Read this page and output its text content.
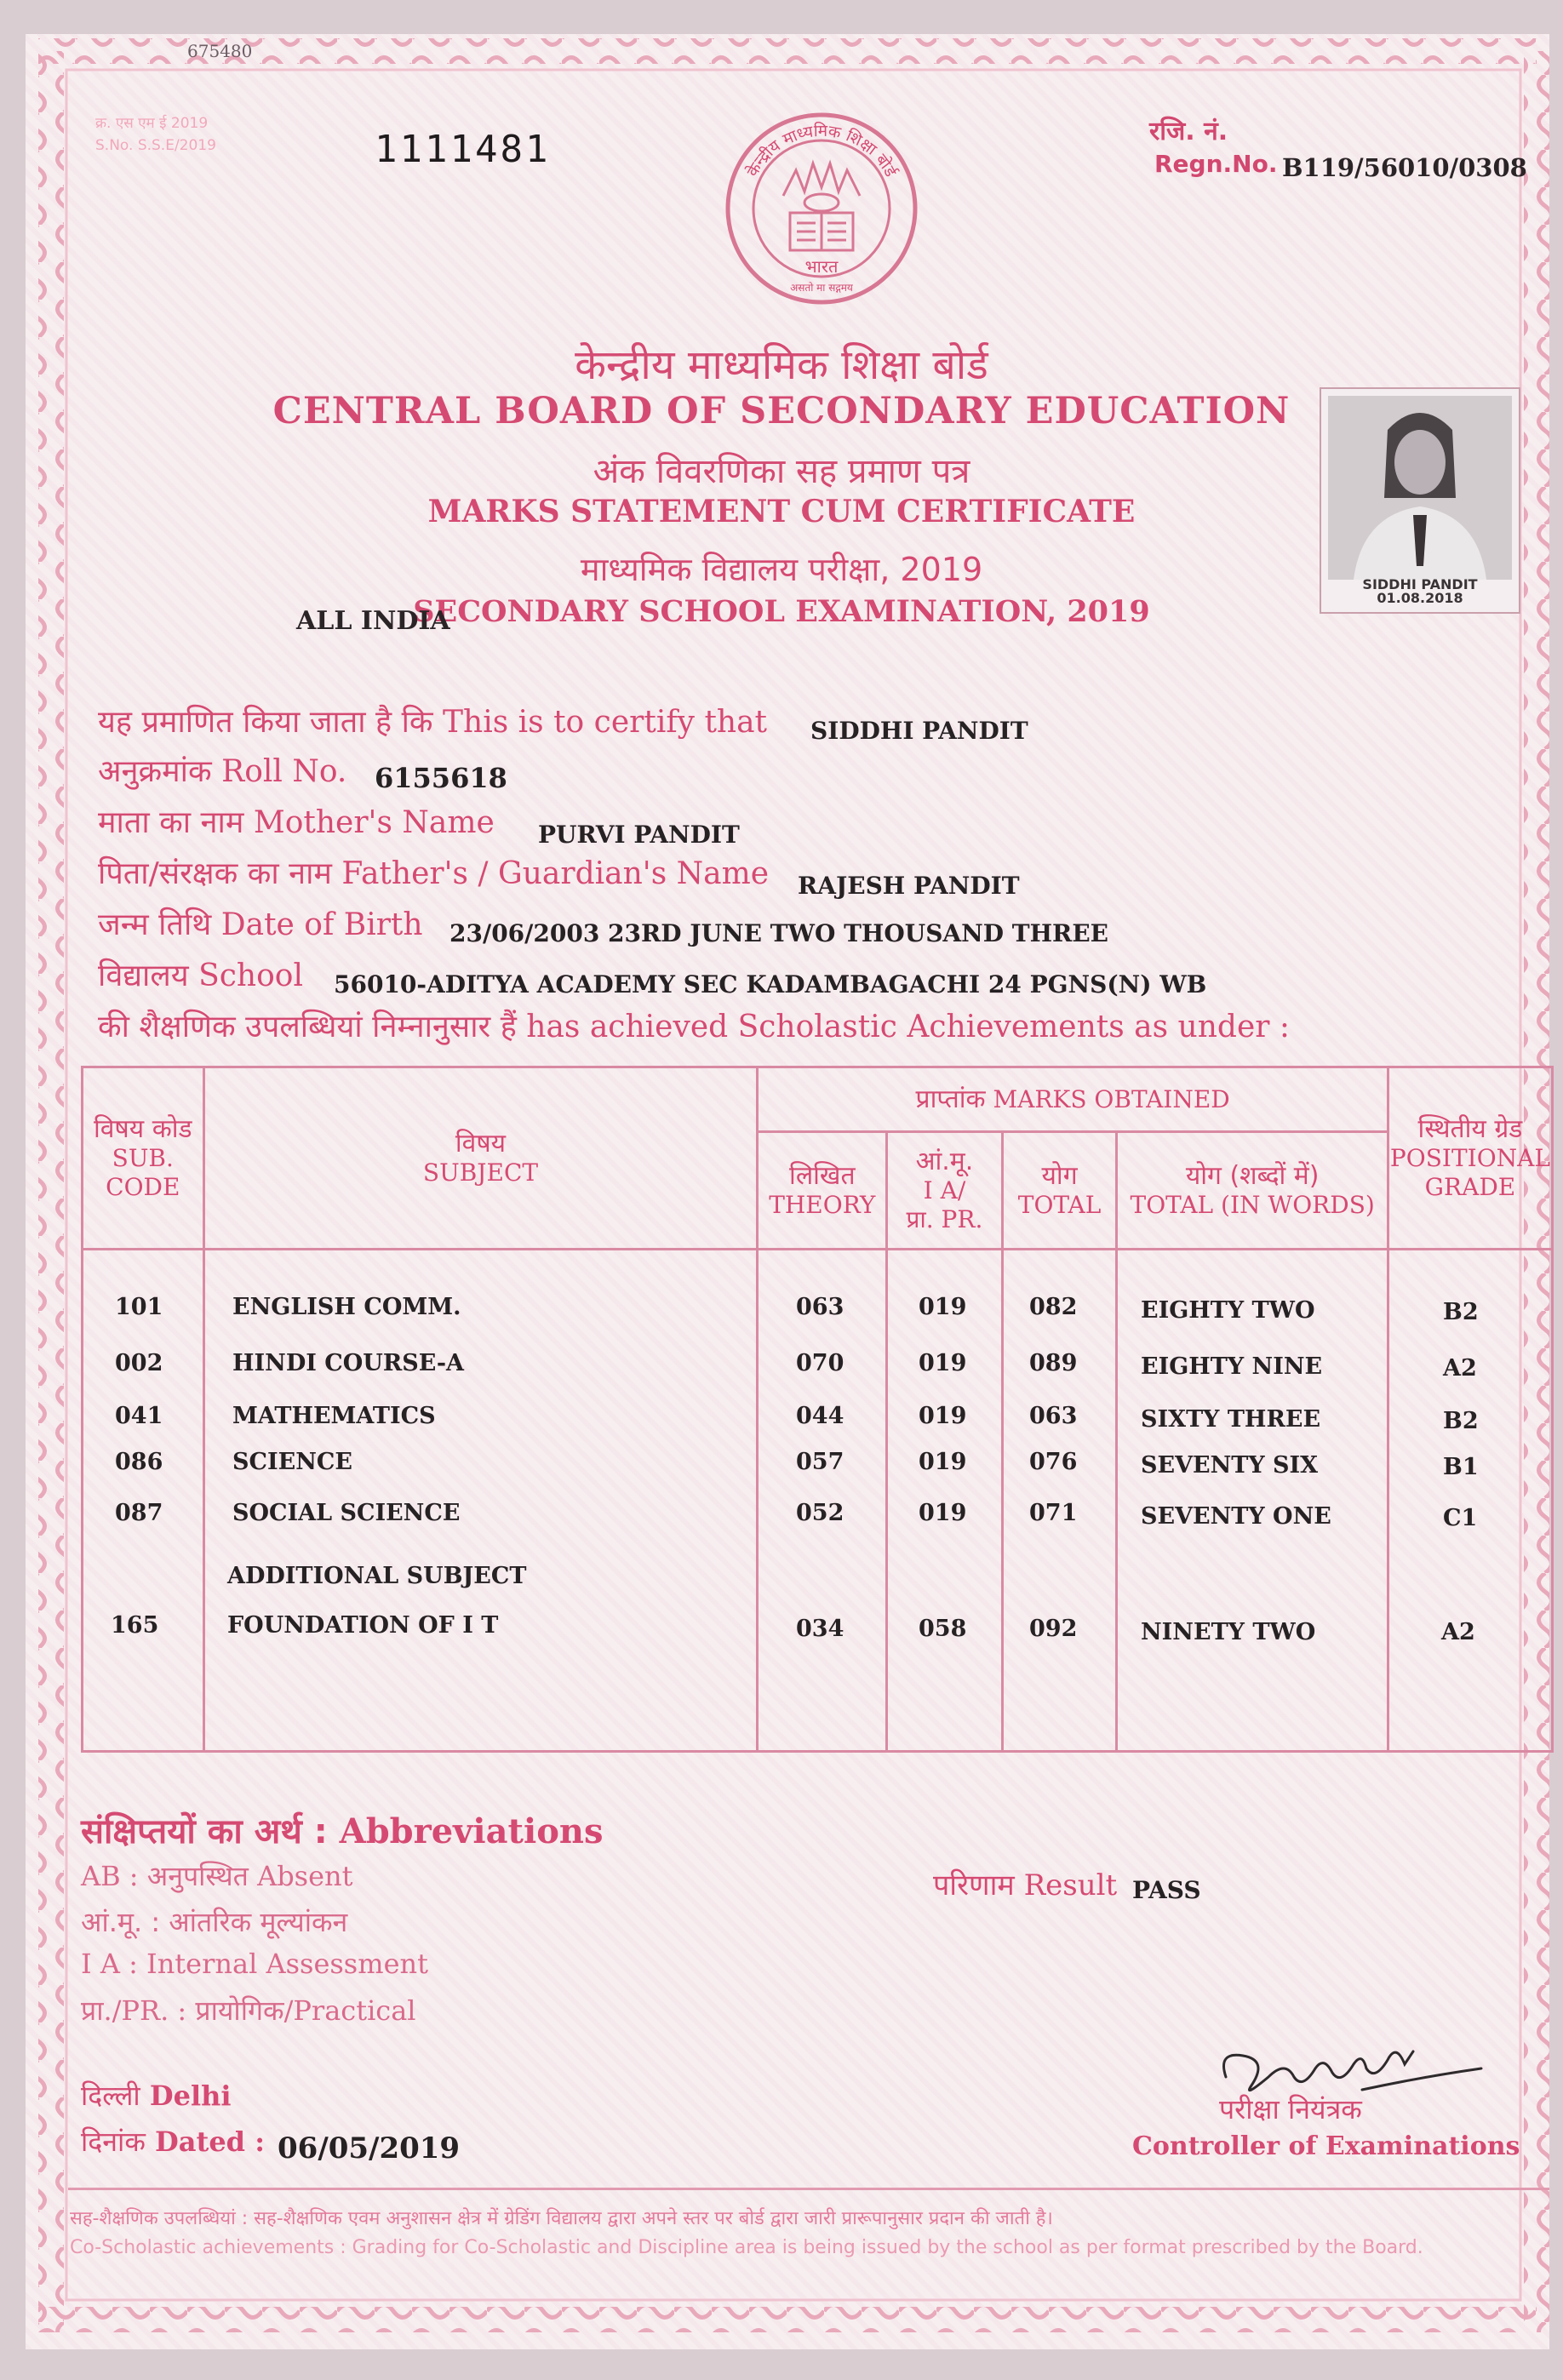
675480
क्र. एस एम ई 2019
S.No. S.S.E/2019	1111481	रजि. नं.
Regn.No. B119/56010/0308
केन्द्रीय माध्यमिक शिक्षा बोर्ड
भारत
असतो मा सद्गमय
केन्द्रीय माध्यमिक शिक्षा बोर्ड
CENTRAL BOARD OF SECONDARY EDUCATION
अंक विवरणिका सह प्रमाण पत्र
MARKS STATEMENT CUM CERTIFICATE
माध्यमिक विद्यालय परीक्षा, 2019
SECONDARY SCHOOL EXAMINATION, 2019
ALL INDIA
SIDDHI PANDIT
01.08.2018
यह प्रमाणित किया जाता है कि This is to certify that SIDDHI PANDIT
अनुक्रमांक Roll No. 6155618
माता का नाम Mother's Name PURVI PANDIT
पिता/संरक्षक का नाम Father's / Guardian's Name RAJESH PANDIT
जन्म तिथि Date of Birth 23/06/2003 23RD JUNE TWO THOUSAND THREE
विद्यालय School 56010-ADITYA ACADEMY SEC KADAMBAGACHI 24 PGNS(N) WB
की शैक्षणिक उपलब्धियां निम्नानुसार हैं has achieved Scholastic Achievements as under :
विषय कोड
SUB.
CODE	विषय
SUBJECT	प्राप्तांक MARKS OBTAINED				स्थितीय ग्रेड
POSITIONAL
GRADE

		लिखित
THEORY	आं.मू.
I A/
प्रा. PR.	योग
TOTAL	योग (शब्दों में)
TOTAL (IN WORDS)	

101	ENGLISH COMM.	063	019	082	EIGHTY TWO	B2
002	HINDI COURSE-A	070	019	089	EIGHTY NINE	A2
041	MATHEMATICS	044	019	063	SIXTY THREE	B2
086	SCIENCE	057	019	076	SEVENTY SIX	B1
087	SOCIAL SCIENCE	052	019	071	SEVENTY ONE	C1
ADDITIONAL SUBJECT
165	FOUNDATION OF I T	034	058	092	NINETY TWO	A2
संक्षिप्तयों का अर्थ : Abbreviations
AB : अनुपस्थित Absent
आं.मू. : आंतरिक मूल्यांकन
I A : Internal Assessment
प्रा./PR. : प्रायोगिक/Practical
परिणाम Result PASS
दिल्ली Delhi
दिनांक Dated : 06/05/2019
परीक्षा नियंत्रक
Controller of Examinations
सह-शैक्षणिक उपलब्धियां : सह-शैक्षणिक एवम अनुशासन क्षेत्र में ग्रेडिंग विद्यालय द्वारा अपने स्तर पर बोर्ड द्वारा जारी प्रारूपानुसार प्रदान की जाती है।
Co-Scholastic achievements : Grading for Co-Scholastic and Discipline area is being issued by the school as per format prescribed by the Board.
